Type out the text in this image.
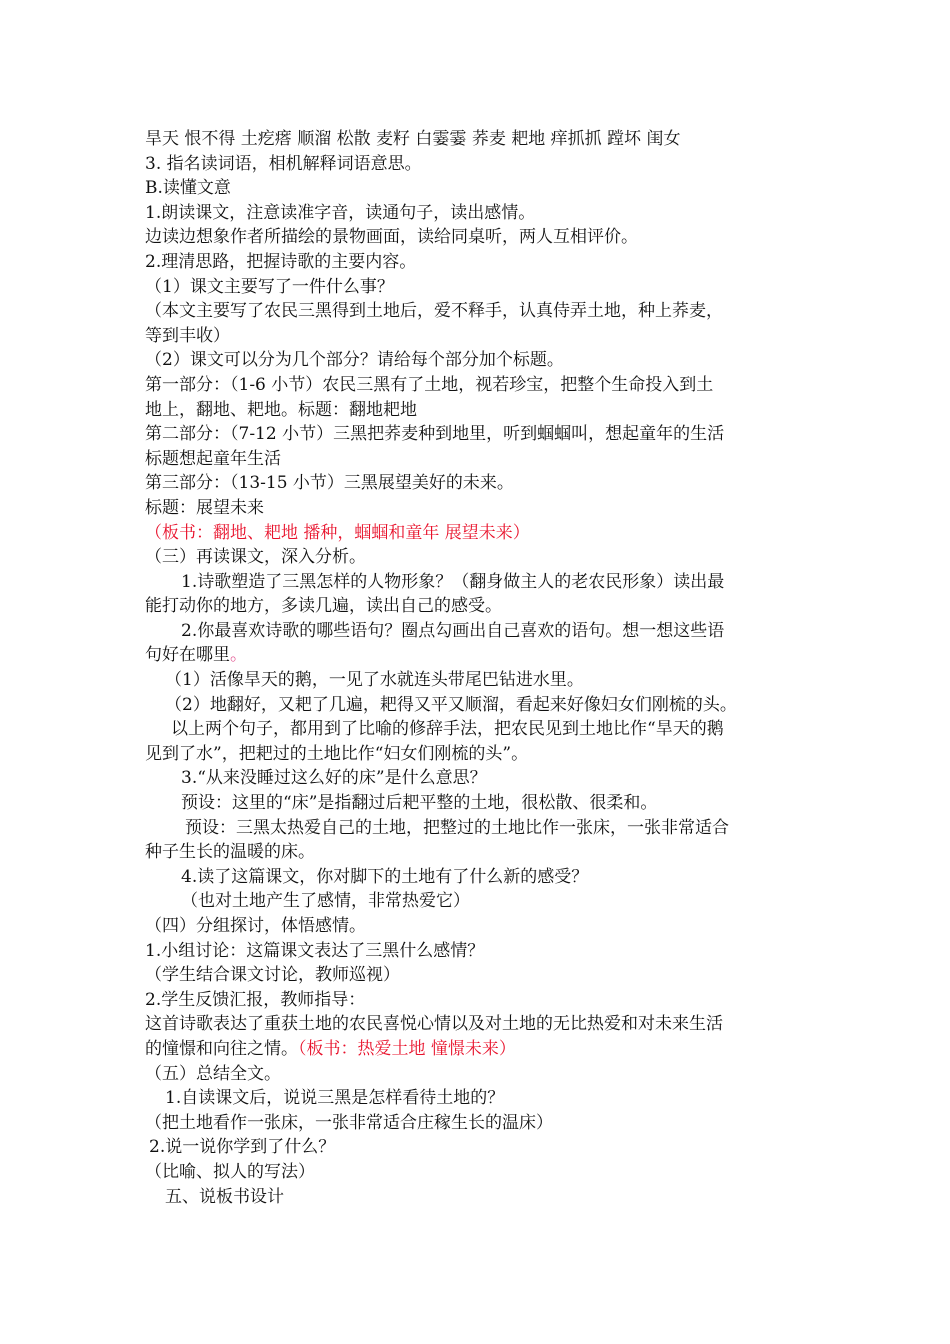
旱天 恨不得 土疙瘩 顺溜 松散 麦籽 白霎霎 荞麦 耙地 痒抓抓 蹚坏 闺女
3. 指名读词语，相机解释词语意思。
B.读懂文意
1.朗读课文，注意读准字音，读通句子，读出感情。
边读边想象作者所描绘的景物画面，读给同桌听，两人互相评价。
2.理清思路，把握诗歌的主要内容。
（1）课文主要写了一件什么事？
（本文主要写了农民三黑得到土地后，爱不释手，认真侍弄土地，种上荞麦，
等到丰收）
（2）课文可以分为几个部分？请给每个部分加个标题。
第一部分：（1-6 小节）农民三黑有了土地，视若珍宝，把整个生命投入到土
地上，翻地、耙地。标题：翻地耙地
第二部分：（7-12 小节）三黑把荞麦种到地里，听到蝈蝈叫，想起童年的生活
标题想起童年生活
第三部分：（13-15 小节）三黑展望美好的未来。
标题：展望未来
（板书：翻地、耙地 播种，蝈蝈和童年 展望未来）
（三）再读课文，深入分析。
1.诗歌塑造了三黑怎样的人物形象？（翻身做主人的老农民形象）读出最
能打动你的地方，多读几遍，读出自己的感受。
2.你最喜欢诗歌的哪些语句？圈点勾画出自己喜欢的语句。想一想这些语
句好在哪里。
（1）活像旱天的鹅，一见了水就连头带尾巴钻进水里。
（2）地翻好，又耙了几遍，耙得又平又顺溜，看起来好像妇女们刚梳的头。
以上两个句子，都用到了比喻的修辞手法，把农民见到土地比作“旱天的鹅
见到了水”，把耙过的土地比作“妇女们刚梳的头”。
3.“从来没睡过这么好的床”是什么意思？
预设：这里的“床”是指翻过后耙平整的土地，很松散、很柔和。
预设：三黑太热爱自己的土地，把整过的土地比作一张床，一张非常适合
种子生长的温暖的床。
4.读了这篇课文，你对脚下的土地有了什么新的感受？
（也对土地产生了感情，非常热爱它）
（四）分组探讨，体悟感情。
1.小组讨论：这篇课文表达了三黑什么感情？
（学生结合课文讨论，教师巡视）
2.学生反馈汇报，教师指导：
这首诗歌表达了重获土地的农民喜悦心情以及对土地的无比热爱和对未来生活
的憧憬和向往之情。（板书：热爱土地 憧憬未来）
（五）总结全文。
1.自读课文后，说说三黑是怎样看待土地的？
（把土地看作一张床，一张非常适合庄稼生长的温床）
2.说一说你学到了什么？
（比喻、拟人的写法）
五、说板书设计
